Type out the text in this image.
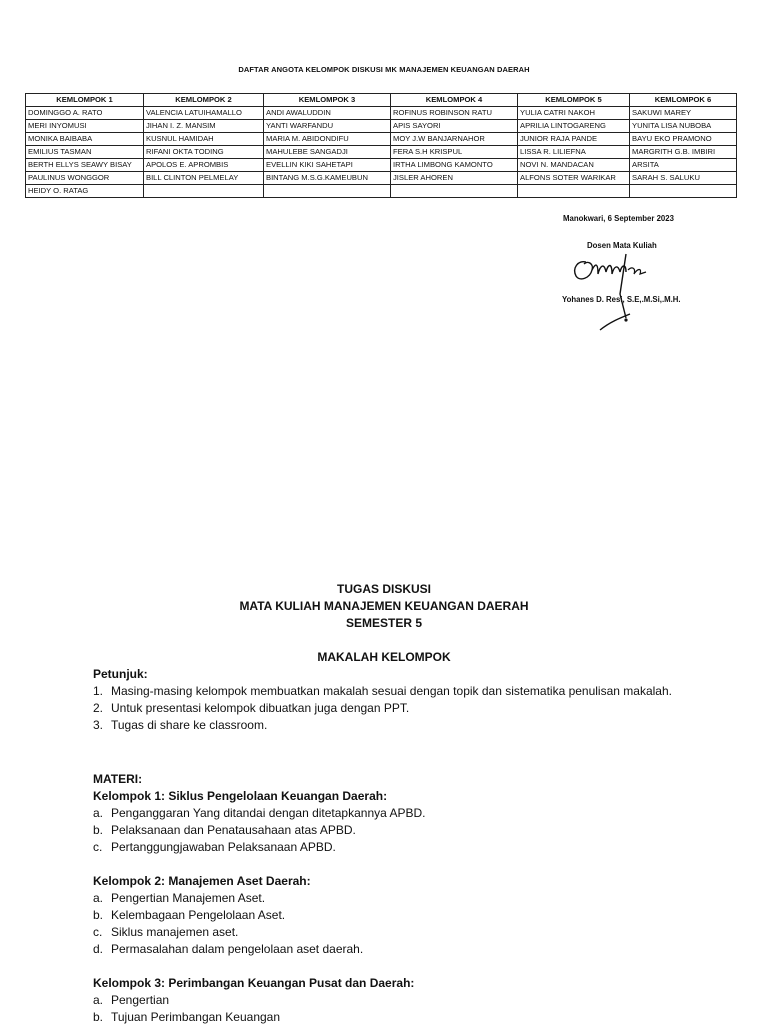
DAFTAR ANGOTA KELOMPOK DISKUSI MK MANAJEMEN KEUANGAN DAERAH
KEMLOMPOK 1	KEMLOMPOK 2	KEMLOMPOK 3	KEMLOMPOK 4	KEMLOMPOK 5	KEMLOMPOK 6
DOMINGGO A. RATO	VALENCIA LATUIHAMALLO	ANDI AWALUDDIN	ROFINUS ROBINSON RATU	YULIA CATRI NAKOH	SAKUWI MAREY
MERI INYOMUSI	JIHAN I. Z. MANSIM	YANTI WARFANDU	APIS SAYORI	APRILIA LINTOGARENG	YUNITA LISA NUBOBA
MONIKA BAIBABA	KUSNUL HAMIDAH	MARIA M. ABIDONDIFU	MOY J.W BANJARNAHOR	JUNIOR RAJA PANDE	BAYU EKO PRAMONO
EMILIUS TASMAN	RIFANI OKTA TODING	MAHULEBE SANGADJI	FERA S.H KRISPUL	LISSA R. LILIEFNA	MARGRITH G.B. IMBIRI
BERTH ELLYS SEAWY BISAY	APOLOS E. APROMBIS	EVELLIN KIKI SAHETAPI	IRTHA LIMBONG KAMONTO	NOVI N. MANDACAN	ARSITA
PAULINUS WONGGOR	BILL CLINTON PELMELAY	BINTANG M.S.G.KAMEUBUN	JISLER AHOREN	ALFONS SOTER WARIKAR	SARAH S. SALUKU
HEIDY O. RATAG					
Manokwari, 6 September 2023
Dosen Mata Kuliah
Yohanes D. Resi, S.E,.M.Si,.M.H.
TUGAS DISKUSI
MATA KULIAH MANAJEMEN KEUANGAN DAERAH
SEMESTER 5
MAKALAH KELOMPOK
Petunjuk:
1. Masing-masing kelompok membuatkan makalah sesuai dengan topik dan sistematika penulisan makalah.
2. Untuk presentasi kelompok dibuatkan juga dengan PPT.
3. Tugas di share ke classroom.
MATERI:
Kelompok 1: Siklus Pengelolaan Keuangan Daerah:
a. Penganggaran Yang ditandai dengan ditetapkannya APBD.
b. Pelaksanaan dan Penatausahaan atas APBD.
c. Pertanggungjawaban Pelaksanaan APBD.
Kelompok 2: Manajemen Aset Daerah:
a. Pengertian Manajemen Aset.
b. Kelembagaan Pengelolaan Aset.
c. Siklus manajemen aset.
d. Permasalahan dalam pengelolaan aset daerah.
Kelompok 3: Perimbangan Keuangan Pusat dan Daerah:
a. Pengertian
b. Tujuan Perimbangan Keuangan
